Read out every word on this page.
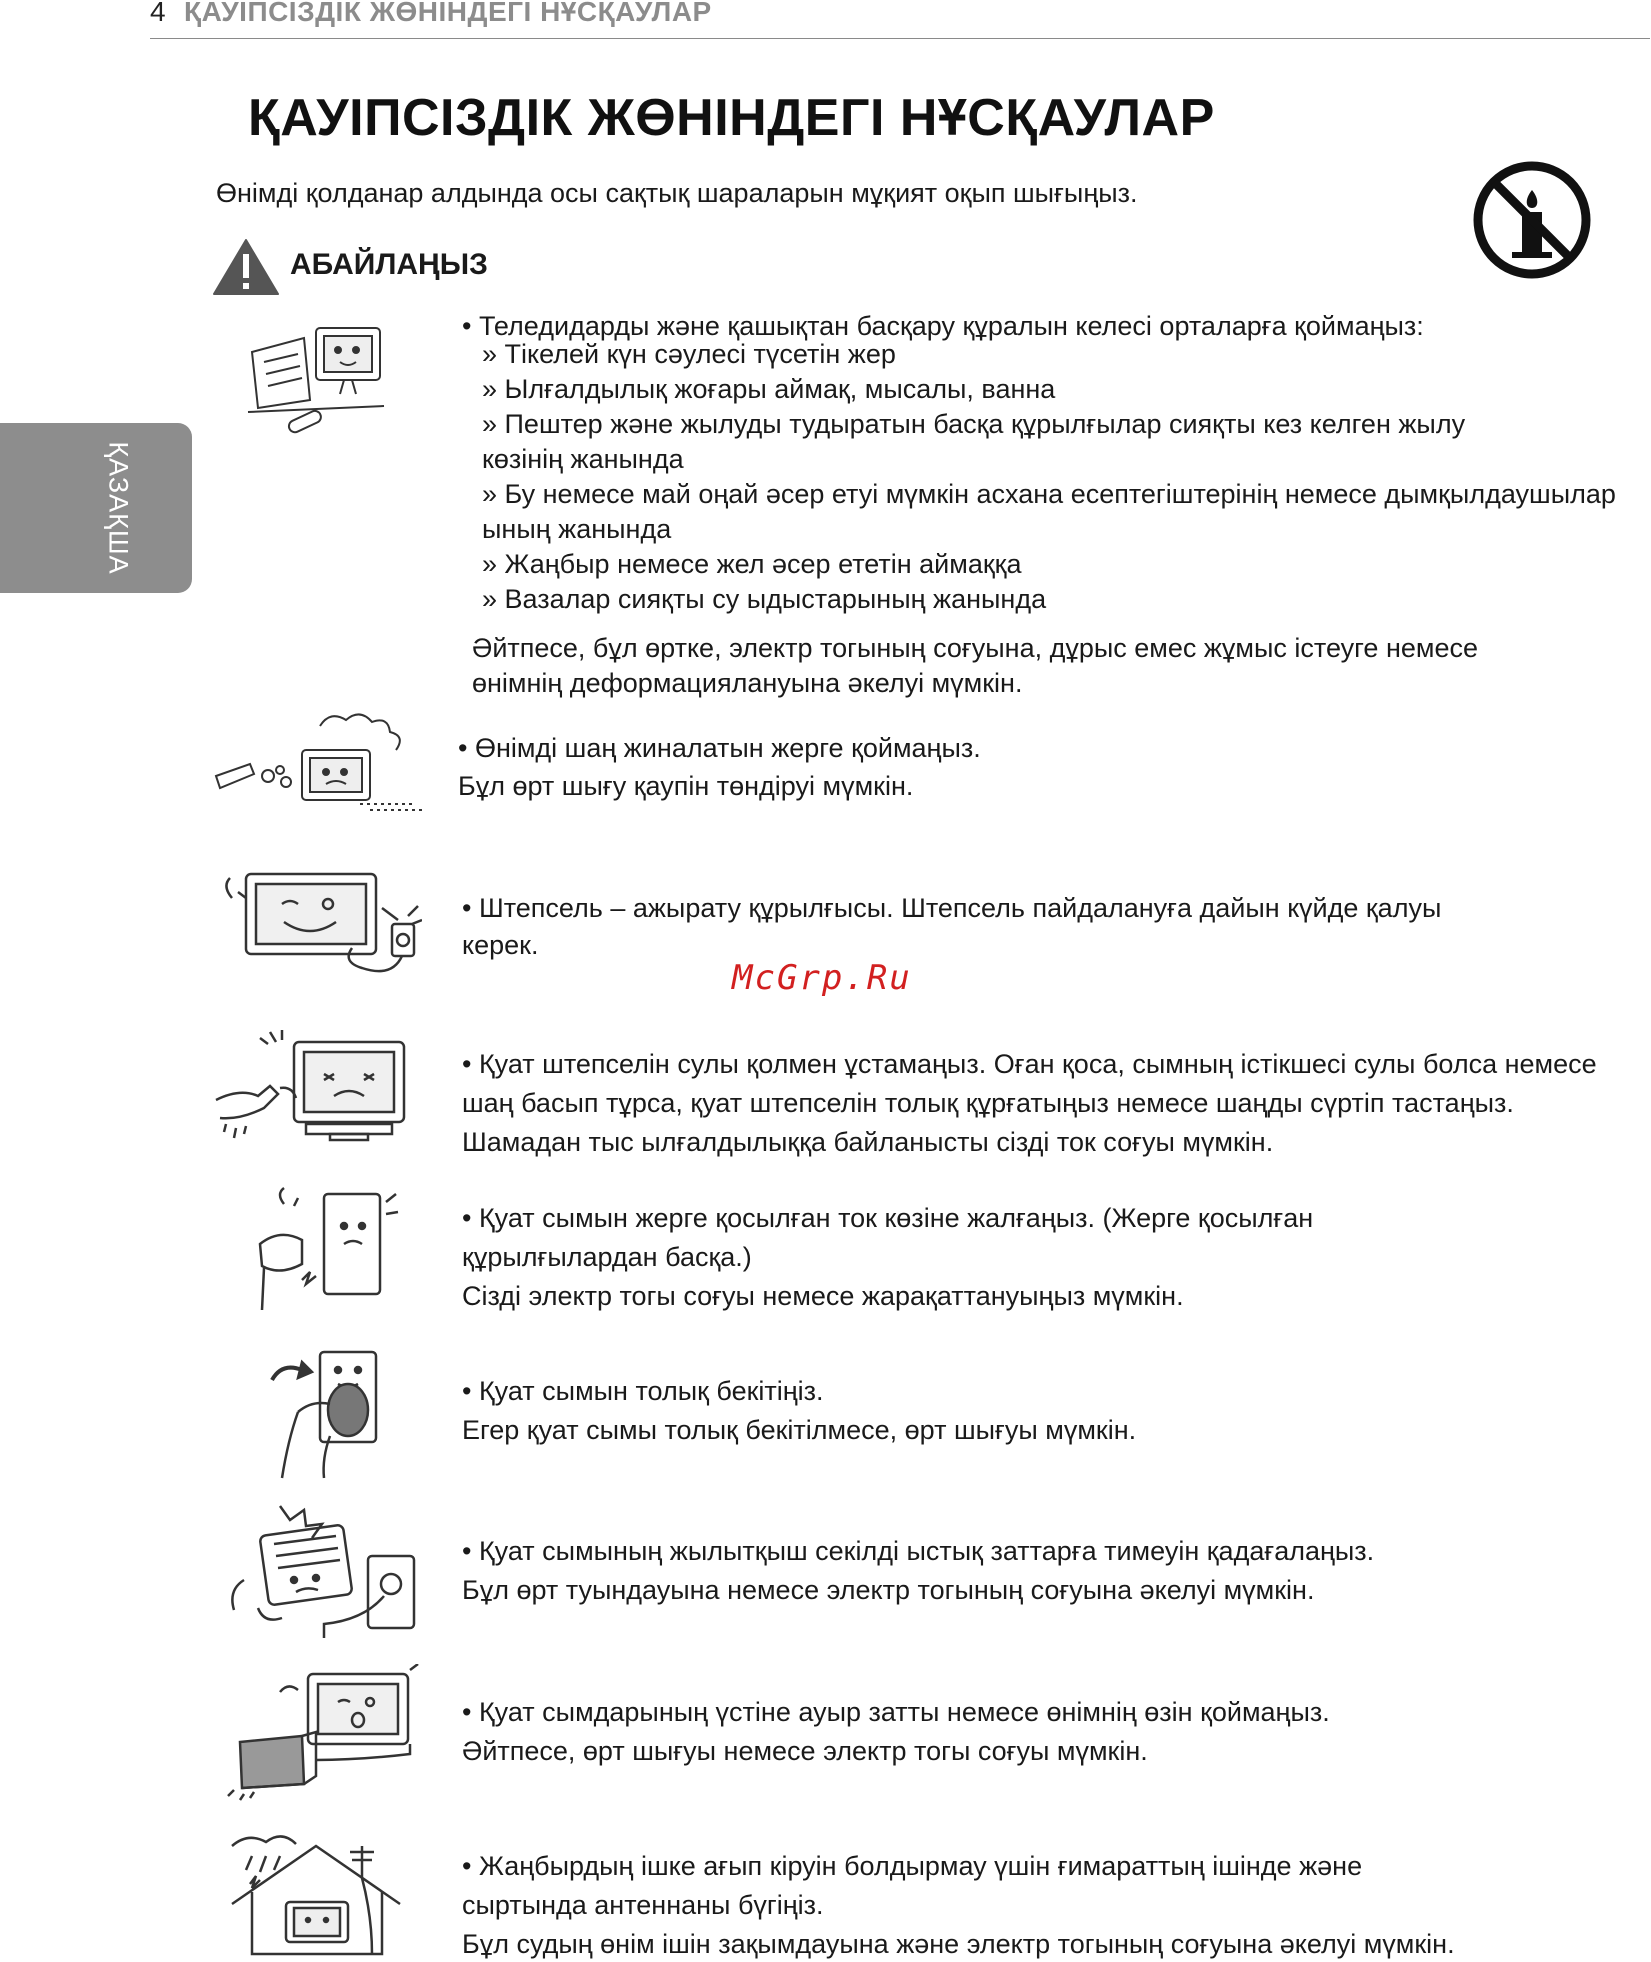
4 ҚАУІПСІЗДІК ЖӨНІНДЕГІ НҰСҚАУЛАР
ҚАЗАҚША
ҚАУІПСІЗДІК ЖӨНІНДЕГІ НҰСҚАУЛАР
Өнімді қолданар алдында осы сақтық шараларын мұқият оқып шығыңыз.
АБАЙЛАҢЫЗ
• Теледидарды және қашықтан басқару құралын келесі орталарға қоймаңыз:
» Тікелей күн сәулесі түсетін жер
» Ылғалдылық жоғары аймақ, мысалы, ванна
» Пештер және жылуды тудыратын басқа құрылғылар сияқты кез келген жылу
көзінің жанында
» Бу немесе май оңай әсер етуі мүмкін асхана есептегіштерінің немесе дымқылдаушылар
ының жанында
» Жаңбыр немесе жел әсер ететін аймаққа
» Вазалар сияқты су ыдыстарының жанында
Әйтпесе, бұл өртке, электр тогының соғуына, дұрыс емес жұмыс істеуге немесе
өнімнің деформациялануына әкелуі мүмкін.
• Өнімді шаң жиналатын жерге қоймаңыз.
Бұл өрт шығу қаупін төндіруі мүмкін.
• Штепсель – ажырату құрылғысы. Штепсель пайдалануға дайын күйде қалуы
керек.
• Қуат штепселін сулы қолмен ұстамаңыз. Оған қоса, сымның істікшесі сулы болса немесе
шаң басып тұрса, қуат штепселін толық құрғатыңыз немесе шаңды сүртіп тастаңыз.
Шамадан тыс ылғалдылыққа байланысты сізді ток соғуы мүмкін.
• Қуат сымын жерге қосылған ток көзіне жалғаңыз. (Жерге қосылған
құрылғылардан басқа.)
Сізді электр тогы соғуы немесе жарақаттануыңыз мүмкін.
• Қуат сымын толық бекітіңіз.
Егер қуат сымы толық бекітілмесе, өрт шығуы мүмкін.
• Қуат сымының жылытқыш секілді ыстық заттарға тимеуін қадағалаңыз.
Бұл өрт туындауына немесе электр тогының соғуына әкелуі мүмкін.
• Қуат сымдарының үстіне ауыр затты немесе өнімнің өзін қоймаңыз.
Әйтпесе, өрт шығуы немесе электр тогы соғуы мүмкін.
• Жаңбырдың ішке ағып кіруін болдырмау үшін ғимараттың ішінде және
сыртында антеннаны бүгіңіз.
Бұл судың өнім ішін зақымдауына және электр тогының соғуына әкелуі мүмкін.
McGrp.Ru
